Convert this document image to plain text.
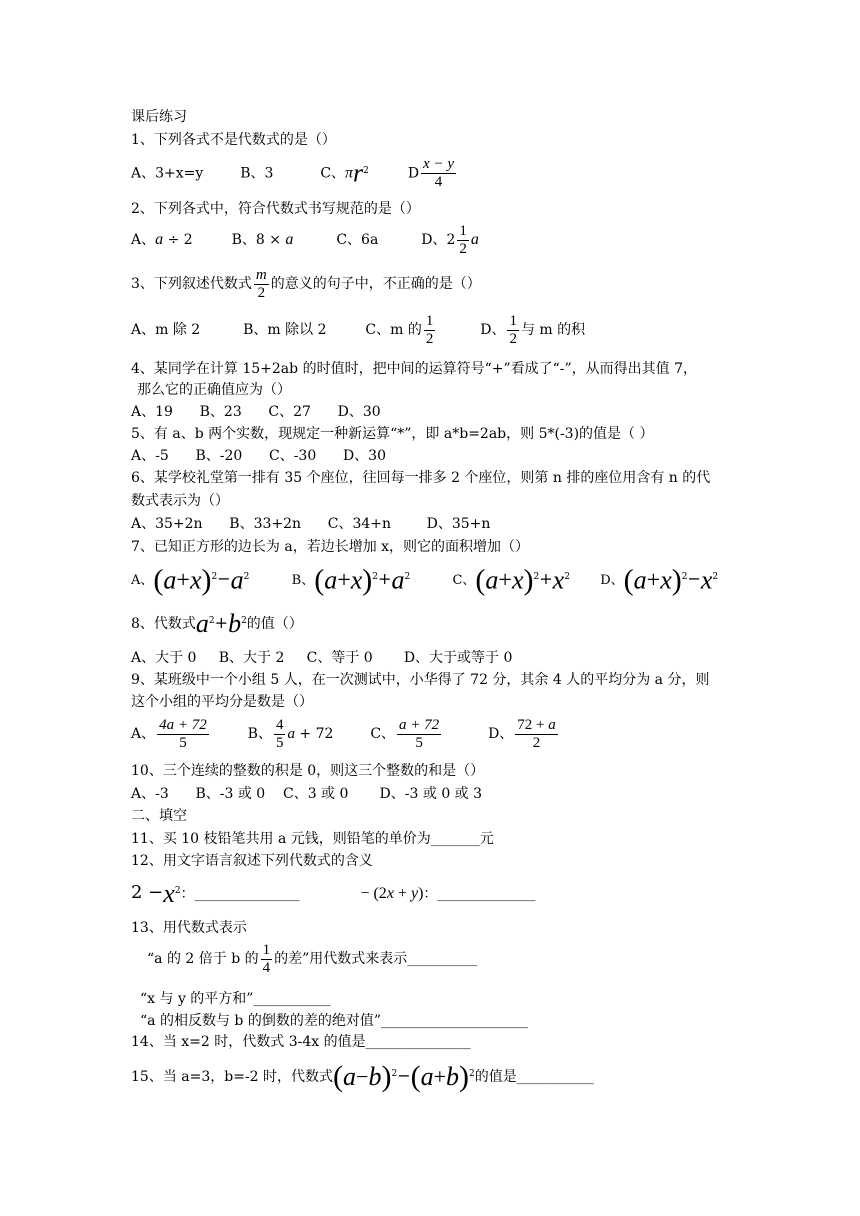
课后练习
1、下列各式不是代数式的是（）
A、3+x=y	B、3	C、$\pi r^2$	D $\frac{x - y}{4}$
2、下列各式中，符合代数式书写规范的是（）
A、a ÷ 2  B、8 × a	C、6a	D、$2 \frac{1}{2}$ a
3、下列叙述代数式 $\frac{m}{2}$ 的意义的句子中，不正确的是（）
A、m 除 2	B、m 除以 2	C、m 的 $\frac{1}{2}$	D、 $\frac{1}{2}$ 与 m 的积
4、某同学在计算 15+2ab 的时值时，把中间的运算符号“+”看成了“-”，从而得出其值 7，
那么它的正确值应为（）
A、19      B、23      C、27      D、30
5、有 a、b 两个实数，现规定一种新运算“*”，即 a*b=2ab，则 5*(-3)的值是（ ）
A、-5      B、-20      C、-30      D、30
6、某学校礼堂第一排有 35 个座位，往回每一排多 2 个座位，则第 n 排的座位用含有 n 的代
数式表示为（）
A、35+2n      B、33+2n      C、34+n        D、35+n
7、已知正方形的边长为 a，若边长增加 x，则它的面积增加（）
A、$(a+x)^2-a^2$	B、$(a+x)^2+a^2$	C、$(a+x)^2+x^2$ D、$(a+x)^2-x^2$
8、代数式$a^2+b^2$的值（）
A、大于 0     B、大于 2     C、等于 0       D、大于或等于 0
9、某班级中一个小组 5 人，在一次测试中，小华得了 72 分，其余 4 人的平均分为 a 分，则
这个小组的平均分是数是（）
A、 $\frac{4a + 72}{5}$	B、 $\frac{4}{5}$ a + 72  C、 $\frac{a + 72}{5}$	D、 $\frac{72 + a}{2}$
10、三个连续的整数的积是 0，则这三个整数的和是（）
A、-3      B、-3 或 0    C、3 或 0       D、-3 或 0 或 3
二、填空
11、买 10 枝铅笔共用 a 元钱，则铅笔的单价为_______元
12、用文字语言叙述下列代数式的含义
$2 -x^2$：_______________	− (2x + y)：______________
13、用代数式表示
“a 的 2 倍于 b 的 $\frac{1}{4}$ 的差”用代数式来表示__________
“x 与 y 的平方和”___________
“a 的相反数与 b 的倒数的差的绝对值”_____________________
14、当 x=2 时，代数式 3-4x 的值是_______________
15、当 a=3，b=-2 时，代数式$(a-b)^2-(a+b)^2$的值是___________
